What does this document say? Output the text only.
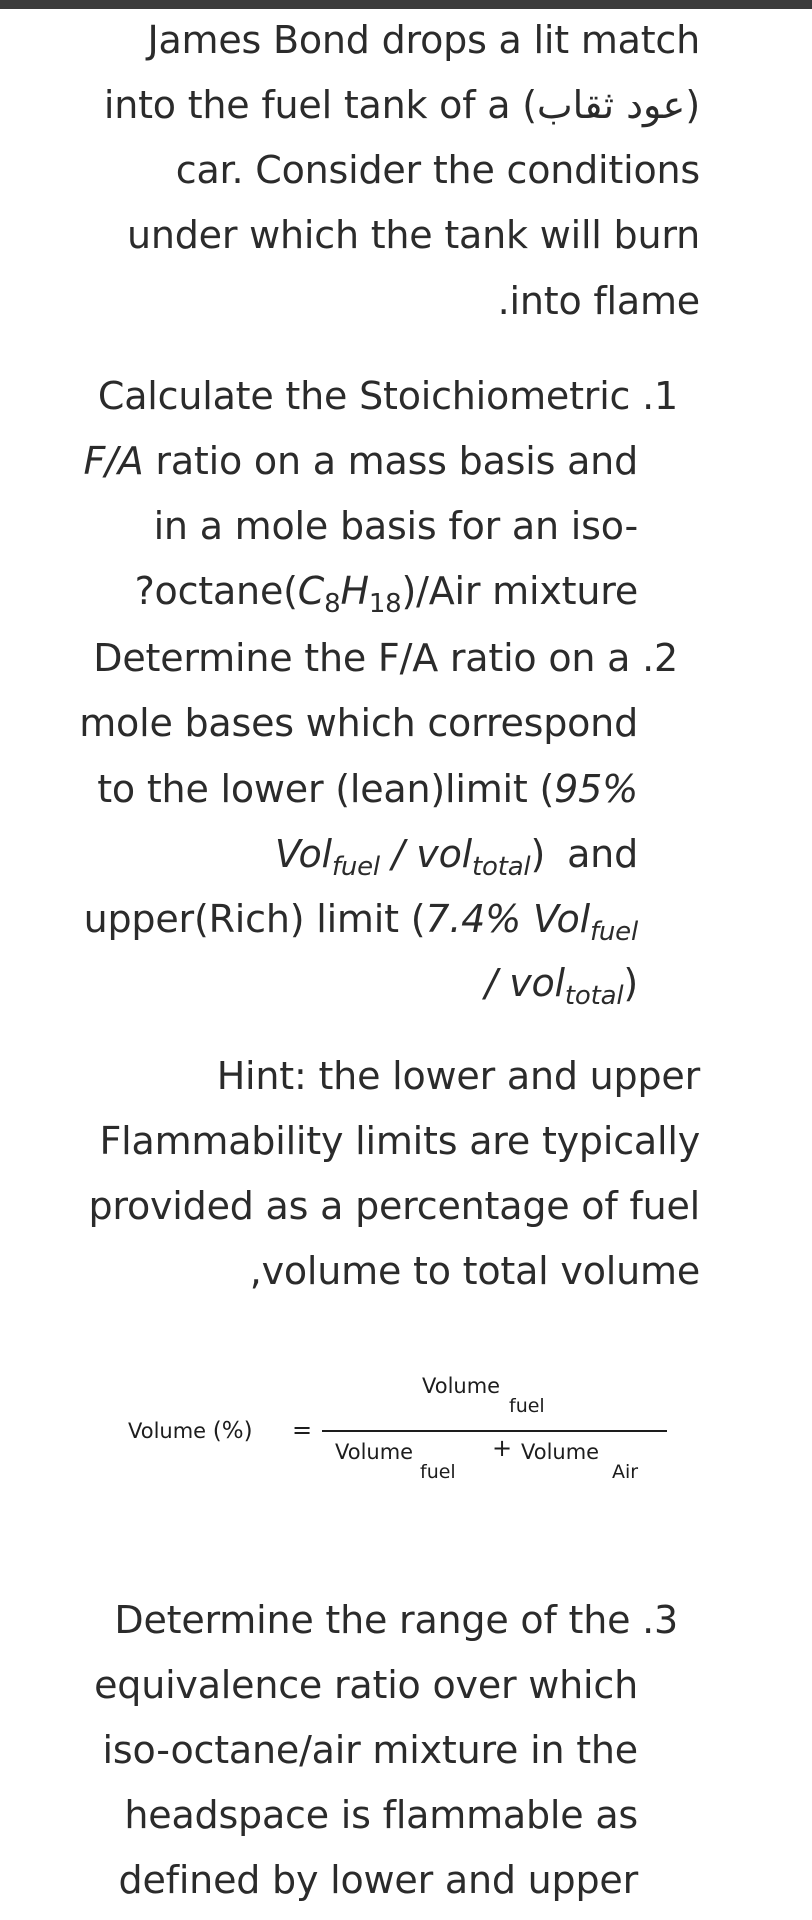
James Bond drops a lit match
into the fuel tank of a (عود ثقاب)
car. Consider the conditions
under which the tank will burn
.into flame
Calculate the Stoichiometric .1
F/A ratio on a mass basis and
in a mole basis for an iso-
$?octane(C_8H_{18})$/Air mixture
Determine the F/A ratio on a .2
mole bases which correspond
to the lower (lean)limit (95%
Vol$_{fuel}$ / vol$_{total}$) and
upper(Rich) limit (7.4% Vol$_{fuel}$
/ vol$_{total}$)
Hint: the lower and upper
Flammability limits are typically
provided as a percentage of fuel
,volume to total volume
Volume (%) =
Volume
fuel
Volume
fuel
+ Volume
Air
Determine the range of the .3
equivalence ratio over which
iso-octane/air mixture in the
headspace is flammable as
defined by lower and upper
